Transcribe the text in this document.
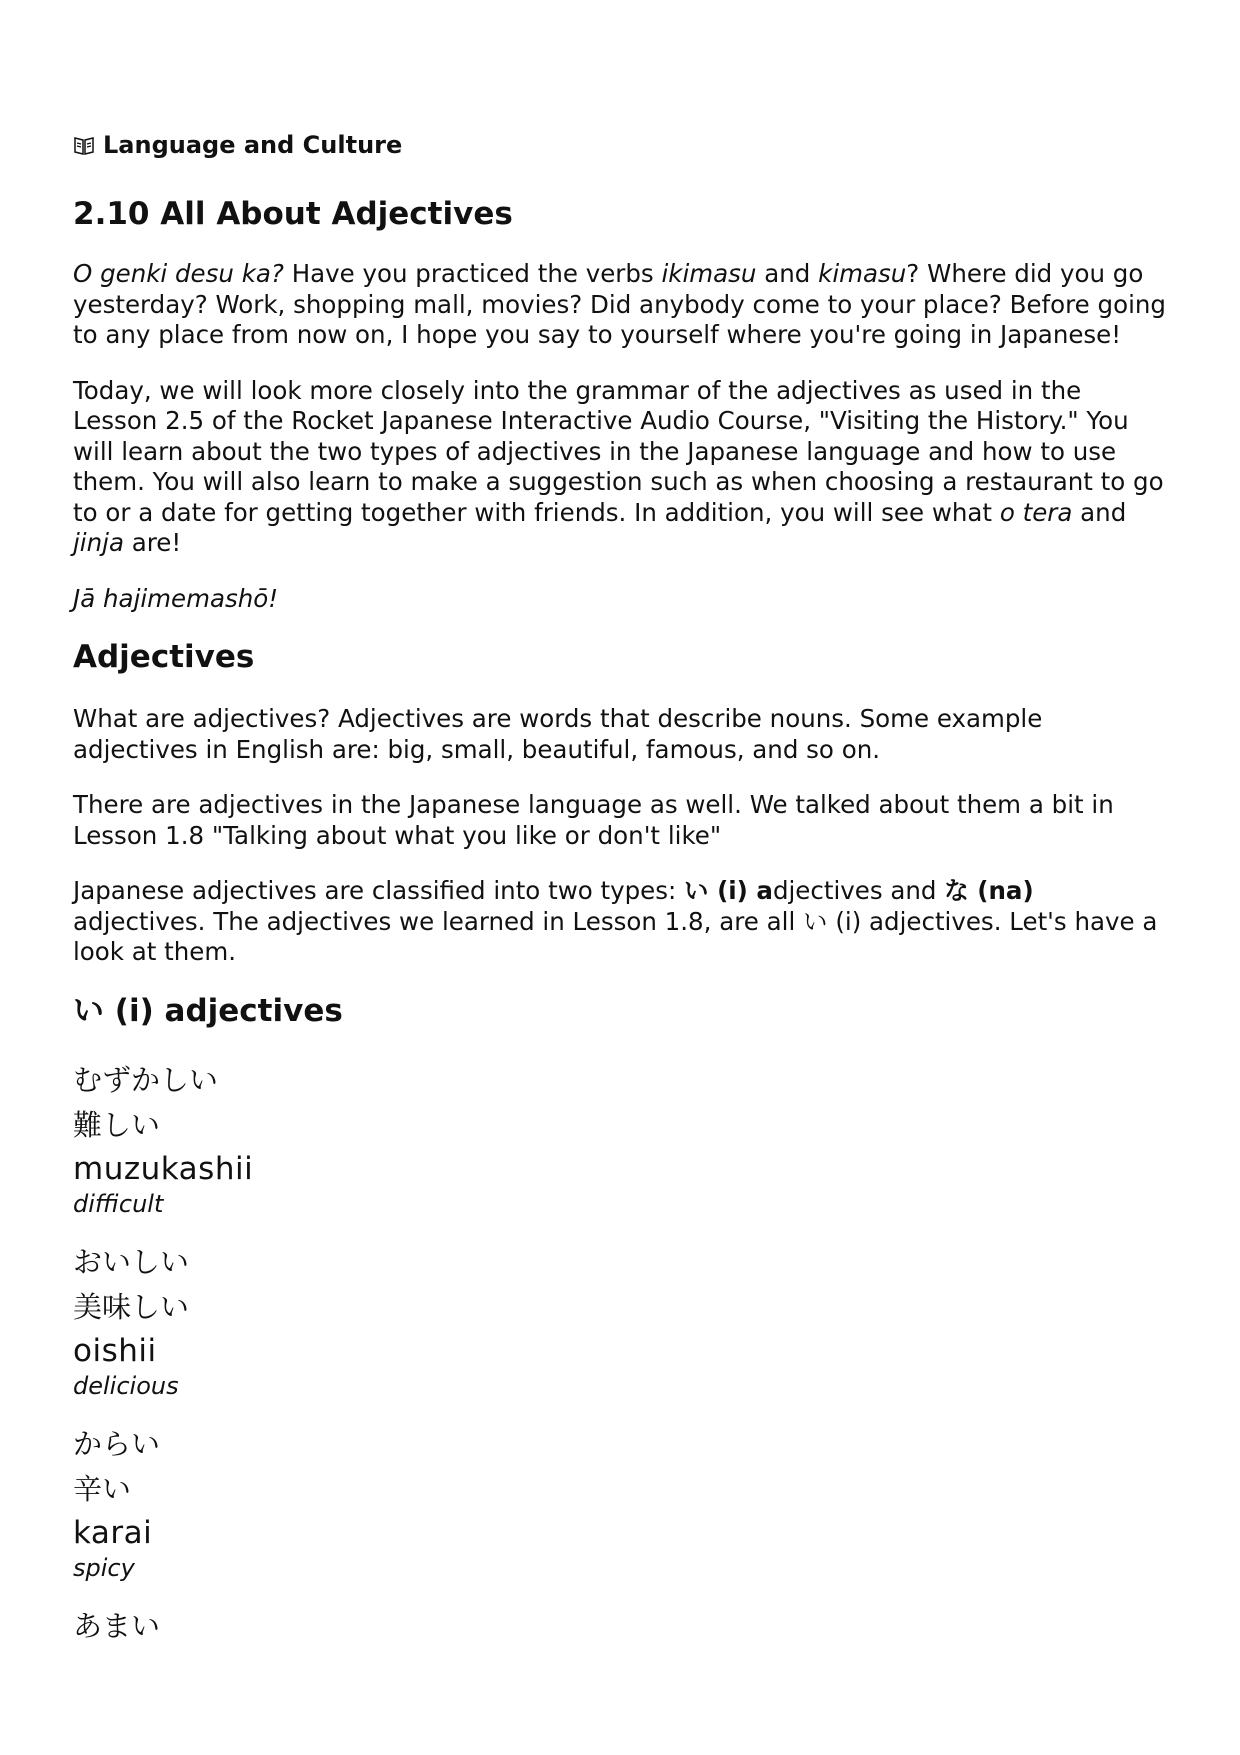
Language and Culture
2.10 All About Adjectives

O genki desu ka? Have you practiced the verbs ikimasu and kimasu? Where did you go yesterday? Work, shopping mall, movies? Did anybody come to your place? Before going to any place from now on, I hope you say to yourself where you're going in Japanese!

Today, we will look more closely into the grammar of the adjectives as used in the Lesson 2.5 of the Rocket Japanese Interactive Audio Course, "Visiting the History." You will learn about the two types of adjectives in the Japanese language and how to use them. You will also learn to make a suggestion such as when choosing a restaurant to go to or a date for getting together with friends. In addition, you will see what o tera and jinja are!

Jā hajimemashō!

Adjectives

What are adjectives? Adjectives are words that describe nouns. Some example adjectives in English are: big, small, beautiful, famous, and so on.

There are adjectives in the Japanese language as well. We talked about them a bit in Lesson 1.8 "Talking about what you like or don't like"

Japanese adjectives are classified into two types: い (i) adjectives and な (na) adjectives. The adjectives we learned in Lesson 1.8, are all い (i) adjectives. Let's have a look at them.

い (i) adjectives
むずかしい
難しい
muzukashii
difficult
おいしい
美味しい
oishii
delicious
からい
辛い
karai
spicy
あまい
